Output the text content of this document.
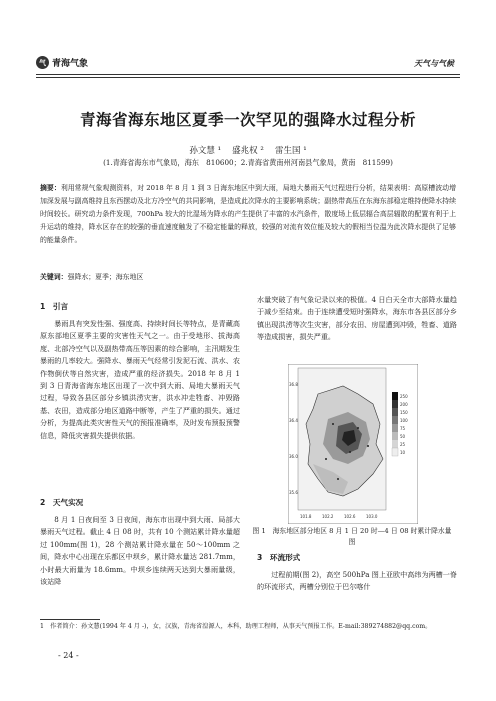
气 青海气象	天气与气候
青海省海东地区夏季一次罕见的强降水过程分析
孙文慧 ¹　 盛兆权 ²　 雷生国 ¹
(1.青海省海东市气象局，海东　810600；2.青海省黄南州河南县气象局，黄南　811599)
摘要：利用常规气象观测资料，对 2018 年 8 月 1 到 3 日海东地区中到大雨，局地大暴雨天气过程进行分析，结果表明：高原槽波动增加深发展与副高维持且东西摆动及北方冷空气的共同影响，是造成此次降水的主要影响系统；副热带高压在东海东部稳定维持使降水持续时间较长。研究动力条件发现，700hPa 较大的比湿场为降水的产生提供了丰富的水汽条件，散度场上低层辐合高层辐散的配置有利于上升运动的维持，降水区存在的较强的垂直速度触发了不稳定能量的释放，较强的对流有效位能及较大的假相当位温为此次降水提供了足够的能量条件。
关键词：强降水；夏季；海东地区
1　引言

暴雨具有突发性强、强度高、持续时间长等特点，是青藏高原东部地区夏季主要的灾害性天气之一。由于受地形、拔海高度、北部冷空气以及副热带高压等因素的综合影响，主汛期发生暴雨的几率较大。强降水、暴雨天气经常引发泥石流、洪水、农作物倒伏等自然灾害，造成严重的经济损失。2018 年 8 月 1 到 3 日青海省海东地区出现了一次中到大雨、局地大暴雨天气过程，导致各县区部分乡镇洪涝灾害，洪水冲走牲畜、冲毁路基、农田，造成部分地区道路中断等，产生了严重的损失。通过分析，为提高此类灾害性天气的预报准确率，及时发布预报预警信息，降低灾害损失提供依据。

2　天气实况

8 月 1 日夜间至 3 日夜间，海东市出现中到大雨、局部大暴雨天气过程。截止 4 日 08 时，共有 10 个测站累计降水量超过 100mm(图 1)，28 个测站累计降水量在 50～100mm 之间，降水中心出现在乐都区中坝乡，累计降水量达 281.7mm，小时最大雨量为 18.6mm。中坝乡连续两天达到大暴雨量级，该站降

水量突破了有气象记录以来的极值。4 日白天全市大部降水量趋于减少至结束。由于连续遭受短时强降水，海东市各县区部分乡镇出现洪涝等次生灾害，部分农田、房屋遭到冲毁，牲畜、道路等造成损害，损失严重。

36.8
36.4
36.0
35.6
101.8	102.2	102.6	103.0
250
200
150
100
75
50
25
10
图 1　海东地区部分地区 8 月 1 日 20 时—4 日 08 时累计降水量图
3　环流形式

过程前期(图 2)，高空 500hPa 图上亚欧中高纬为两槽一脊的环流形式，两槽分别位于巴尔喀什

1　作者简介：孙文慧(1994 年 4 月 -)，女，汉族，青海省湟源人，本科，助理工程师，从事天气预报工作。E-mail:389274882@qq.com。
- 24 -
